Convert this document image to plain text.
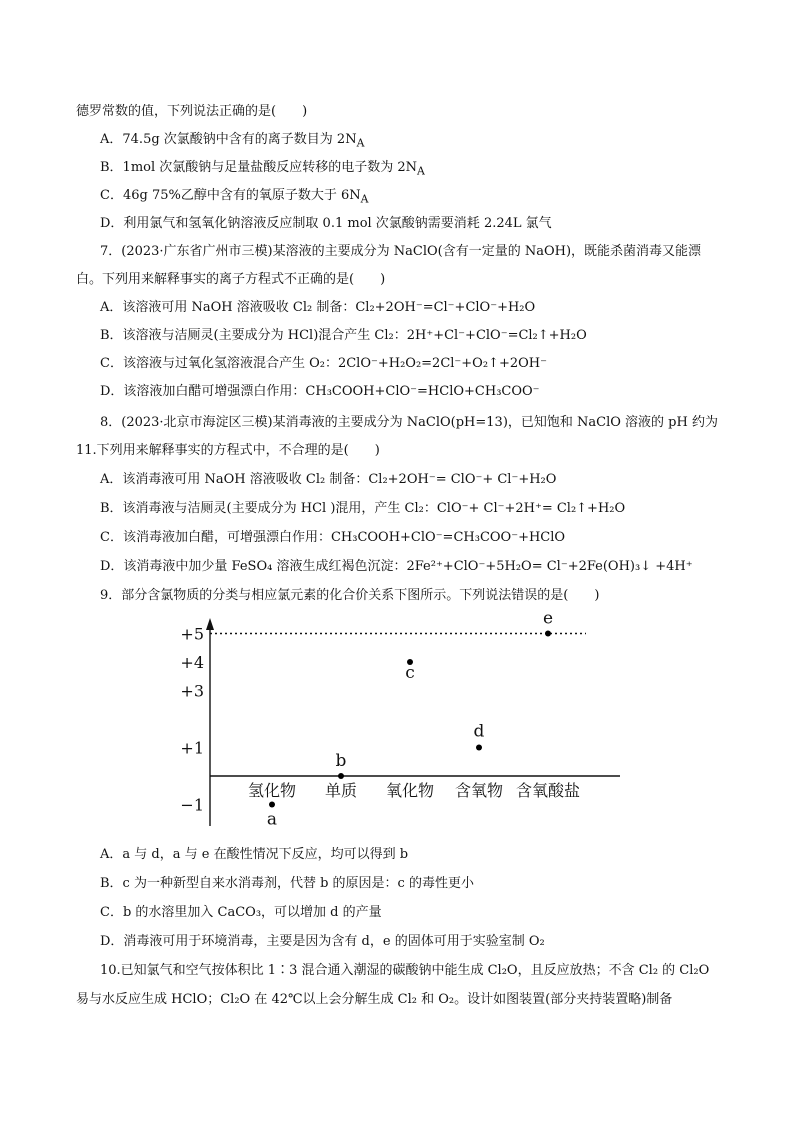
德罗常数的值，下列说法正确的是(　　)
A．74.5g 次氯酸钠中含有的离子数目为 $2N_A$
B．1mol 次氯酸钠与足量盐酸反应转移的电子数为 $2N_A$
C．46g 75%乙醇中含有的氧原子数大于 $6N_A$
D．利用氯气和氢氧化钠溶液反应制取 0.1 mol 次氯酸钠需要消耗 2.24L 氯气
7．(2023·广东省广州市三模)某溶液的主要成分为 NaClO(含有一定量的 NaOH)，既能杀菌消毒又能漂
白。下列用来解释事实的离子方程式不正确的是(　　)
A．该溶液可用 NaOH 溶液吸收 Cl₂ 制备：Cl₂+2OH⁻=Cl⁻+ClO⁻+H₂O
B．该溶液与洁厕灵(主要成分为 HCl)混合产生 Cl₂：2H⁺+Cl⁻+ClO⁻=Cl₂↑+H₂O
C．该溶液与过氧化氢溶液混合产生 O₂：2ClO⁻+H₂O₂=2Cl⁻+O₂↑+2OH⁻
D．该溶液加白醋可增强漂白作用：CH₃COOH+ClO⁻=HClO+CH₃COO⁻
8．(2023·北京市海淀区三模)某消毒液的主要成分为 NaClO(pH=13)，已知饱和 NaClO 溶液的 pH 约为
11.下列用来解释事实的方程式中，不合理的是(　　)
A．该消毒液可用 NaOH 溶液吸收 Cl₂ 制备：Cl₂+2OH⁻= ClO⁻+ Cl⁻+H₂O
B．该消毒液与洁厕灵(主要成分为 HCl )混用，产生 Cl₂：ClO⁻+ Cl⁻+2H⁺= Cl₂↑+H₂O
C．该消毒液加白醋，可增强漂白作用：CH₃COOH+ClO⁻=CH₃COO⁻+HClO
D．该消毒液中加少量 FeSO₄ 溶液生成红褐色沉淀：2Fe²⁺+ClO⁻+5H₂O= Cl⁻+2Fe(OH)₃↓ +4H⁺
9．部分含氯物质的分类与相应氯元素的化合价关系下图所示。下列说法错误的是(　　)
+5
+4
+3
+1
−1
氢化物 单质 氧化物 含氧物 含氧酸盐
a
b
c
d
e
A．a 与 d，a 与 e 在酸性情况下反应，均可以得到 b
B．c 为一种新型自来水消毒剂，代替 b 的原因是：c 的毒性更小
C．b 的水溶里加入 CaCO₃，可以增加 d 的产量
D．消毒液可用于环境消毒，主要是因为含有 d，e 的固体可用于实验室制 O₂
10.已知氯气和空气按体积比 1∶3 混合通入潮湿的碳酸钠中能生成 Cl₂O，且反应放热；不含 Cl₂ 的 Cl₂O
易与水反应生成 HClO；Cl₂O 在 42℃以上会分解生成 Cl₂ 和 O₂。设计如图装置(部分夹持装置略)制备
